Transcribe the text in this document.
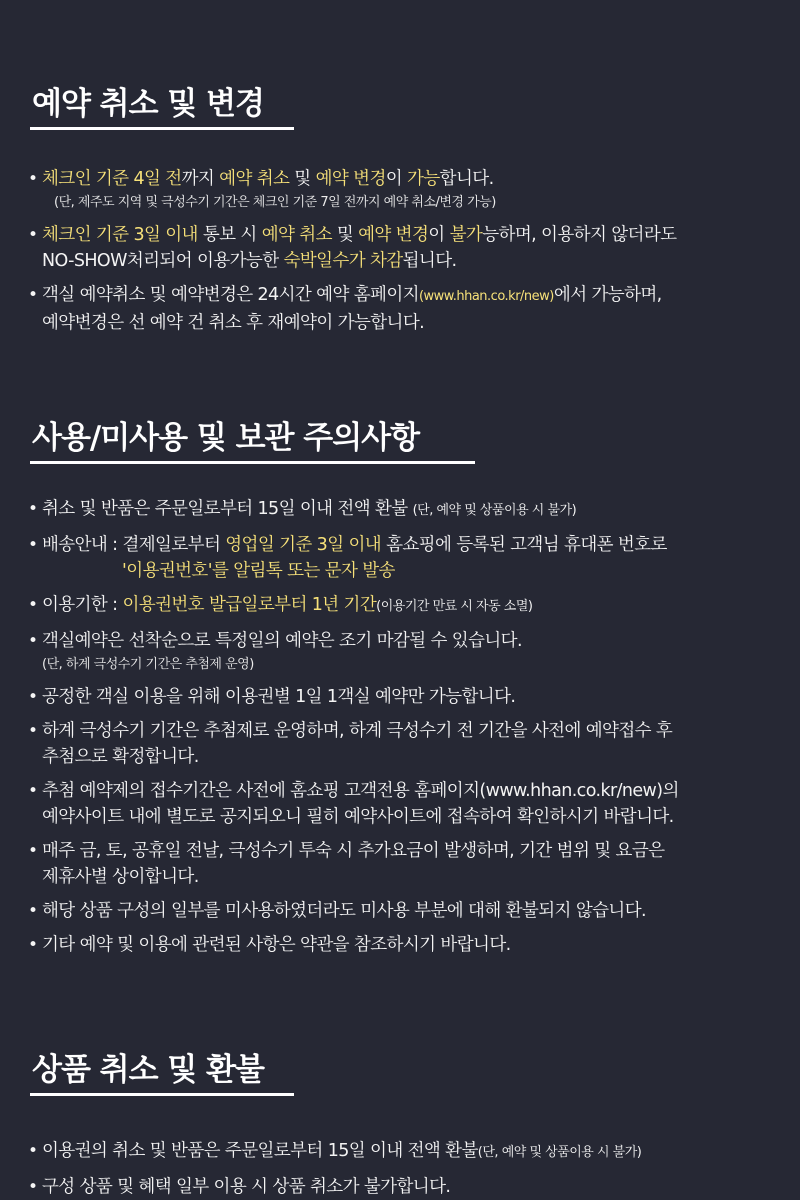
예약 취소 및 변경
• 체크인 기준 4일 전까지 예약 취소 및 예약 변경이 가능합니다.
(단, 제주도 지역 및 극성수기 기간은 체크인 기준 7일 전까지 예약 취소/변경 가능)
• 체크인 기준 3일 이내 통보 시 예약 취소 및 예약 변경이 불가능하며, 이용하지 않더라도
NO-SHOW처리되어 이용가능한 숙박일수가 차감됩니다.
• 객실 예약취소 및 예약변경은 24시간 예약 홈페이지(www.hhan.co.kr/new)에서 가능하며,
예약변경은 선 예약 건 취소 후 재예약이 가능합니다.
사용/미사용 및 보관 주의사항
• 취소 및 반품은 주문일로부터 15일 이내 전액 환불 (단, 예약 및 상품이용 시 불가)
• 배송안내 : 결제일로부터 영업일 기준 3일 이내 홈쇼핑에 등록된 고객님 휴대폰 번호로
'이용권번호'를 알림톡 또는 문자 발송
• 이용기한 : 이용권번호 발급일로부터 1년 기간(이용기간 만료 시 자동 소멸)
• 객실예약은 선착순으로 특정일의 예약은 조기 마감될 수 있습니다.
(단, 하계 극성수기 기간은 추첨제 운영)
• 공정한 객실 이용을 위해 이용권별 1일 1객실 예약만 가능합니다.
• 하계 극성수기 기간은 추첨제로 운영하며, 하계 극성수기 전 기간을 사전에 예약접수 후
추첨으로 확정합니다.
• 추첨 예약제의 접수기간은 사전에 홈쇼핑 고객전용 홈페이지(www.hhan.co.kr/new)의
예약사이트 내에 별도로 공지되오니 필히 예약사이트에 접속하여 확인하시기 바랍니다.
• 매주 금, 토, 공휴일 전날, 극성수기 투숙 시 추가요금이 발생하며, 기간 범위 및 요금은
제휴사별 상이합니다.
• 해당 상품 구성의 일부를 미사용하였더라도 미사용 부분에 대해 환불되지 않습니다.
• 기타 예약 및 이용에 관련된 사항은 약관을 참조하시기 바랍니다.
상품 취소 및 환불
• 이용권의 취소 및 반품은 주문일로부터 15일 이내 전액 환불(단, 예약 및 상품이용 시 불가)
• 구성 상품 및 혜택 일부 이용 시 상품 취소가 불가합니다.
